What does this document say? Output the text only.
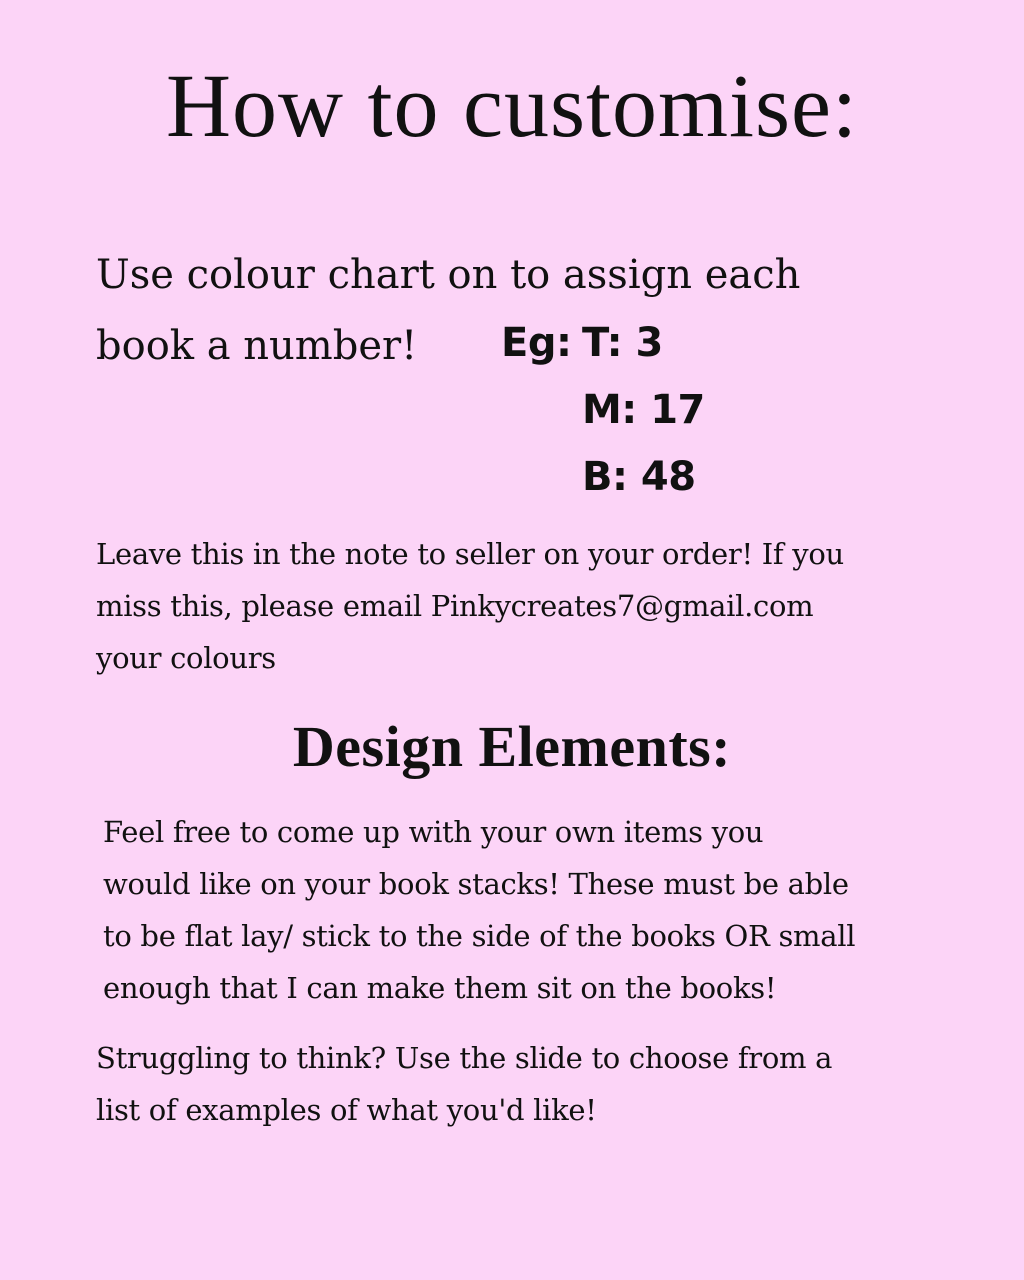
How to customise:

Use colour chart on to assign each

book a number!	Eg: T: 3
M: 17
B: 48
Leave this in the note to seller on your order! If you
miss this, please email Pinkycreates7@gmail.com
your colours
Design Elements:
Feel free to come up with your own items you
would like on your book stacks! These must be able
to be flat lay/ stick to the side of the books OR small
enough that I can make them sit on the books!
Struggling to think? Use the slide to choose from a
list of examples of what you'd like!
